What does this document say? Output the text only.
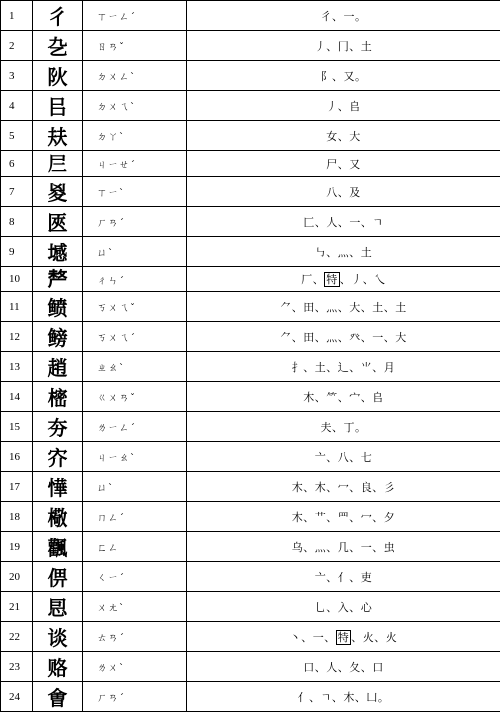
1	彳	ㄒㄧㄥˊ	彳、一。
2	㐇	ㄖㄢˇ	丿、冂、土
3	阦	ㄉㄨㄥˋ	阝、又。
4	㠯	ㄉㄨㄟˋ	丿、𠂤
5	㚘	ㄉㄚˋ	女、大
6	𡰥	ㄐㄧㄝˊ	尸、又
7	㚇	ㄒㄧˋ	八、及
8	匧	ㄏㄢˊ	匚、人、一、ㄱ
9	㙳	ㄩˋ	㇉、灬、土
10	𠩺	ㄔㄣˊ	厂、 特 、丿、乀
11	鲼	ㄎㄨㄟˇ	⺈、田、灬、大、土、土
12	鳑	ㄎㄨㄟˊ	⺈、田、灬、癶、一、大
13	趙	ㄓㄠˋ	扌、土、辶、⺌、月
14	樒	ㄍㄨㄢˇ	木、⺮、宀、𠂤
15	夯	ㄌㄧㄥˊ	夫、丁。
16	㝏	ㄐㄧㄠˋ	亠、八、七
17	㦊	ㄩˋ	木、木、冖、良、彡
18	㯳	ㄇㄥˊ	木、艹、罒、冖、夕
19	飌	ㄈㄥ	乌、灬、几、一、虫
20	㑭	ㄑㄧˊ	亠、亻、吏
21	㤙	ㄨㄤˋ	乚、入、心
22	谈	ㄊㄢˊ	丶、一、 特 、火、火
23	赂	ㄌㄨˋ	口、人、夂、口
24	㑹	ㄏㄢˊ	亻、ㄱ、木、凵。
